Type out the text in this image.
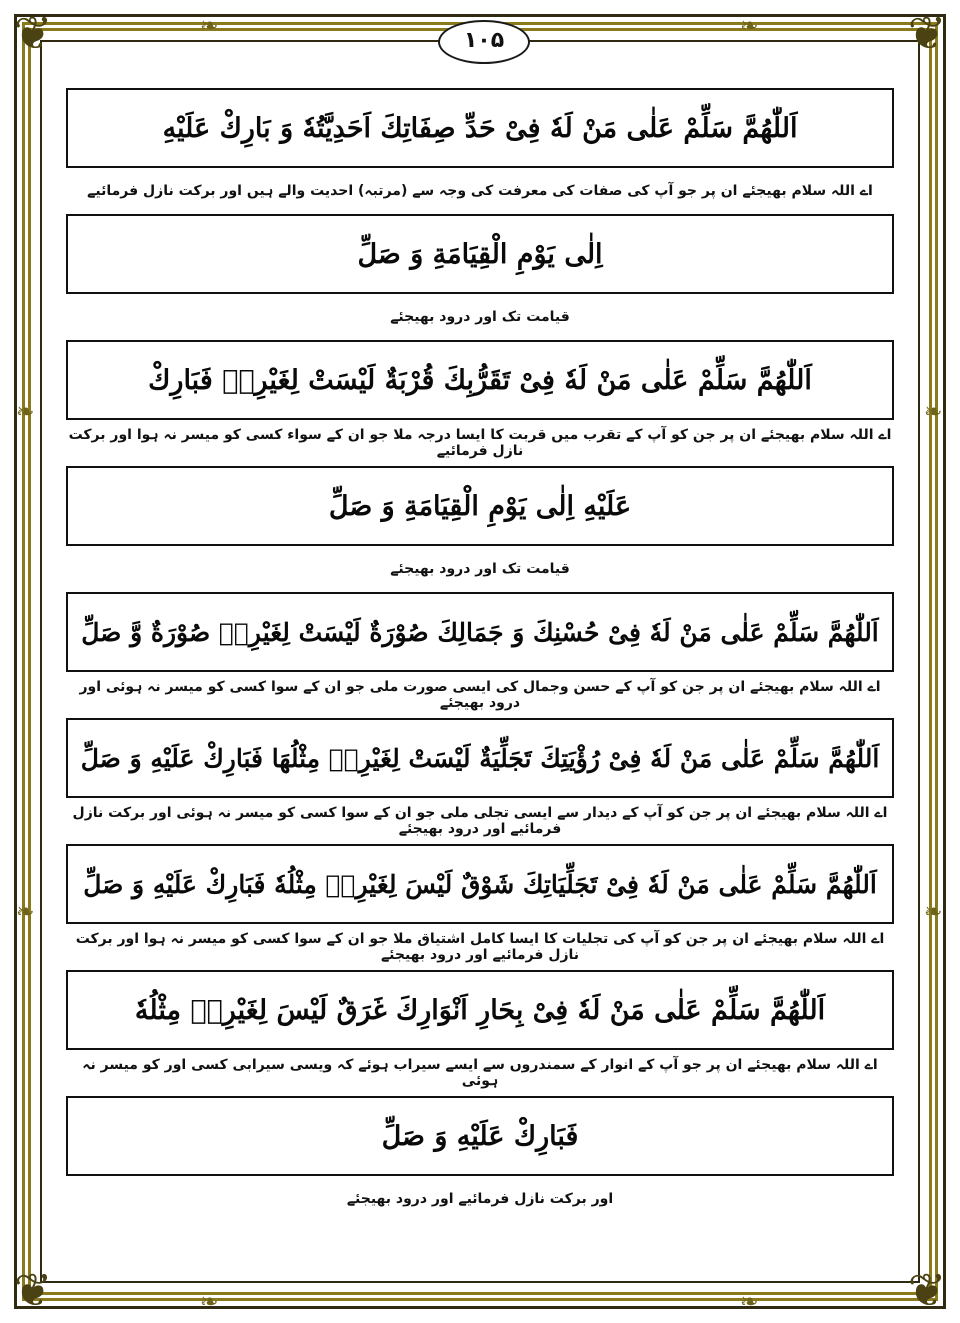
❦	❦
❦	❦
❧	❧
❧	❧
❧
❧
❧
❧
۱۰۵
اَللّٰهُمَّ سَلِّمْ عَلٰى مَنْ لَهٗ فِىْ حَدِّ صِفَاتِكَ اَحَدِيَّتُهٗ وَ بَارِكْ عَلَيْهِ
اے اللہ سلام بھیجئے ان پر جو آپ کی صفات کی معرفت کی وجہ سے (مرتبہ) احدیت والے ہیں اور برکت نازل فرمائیے
اِلٰى يَوْمِ الْقِيَامَةِ وَ صَلِّ
قیامت تک اور درود بھیجئے
اَللّٰهُمَّ سَلِّمْ عَلٰى مَنْ لَهٗ فِىْ تَقَرُّبِكَ قُرْبَةٌ لَيْسَتْ لِغَيْرِهٖ فَبَارِكْ
اے اللہ سلام بھیجئے ان پر جن کو آپ کے تقرب میں قربت کا ایسا درجہ ملا جو ان کے سواء کسی کو میسر نہ ہوا اور برکت نازل فرمائیے
عَلَيْهِ اِلٰى يَوْمِ الْقِيَامَةِ وَ صَلِّ
قیامت تک اور درود بھیجئے
اَللّٰهُمَّ سَلِّمْ عَلٰى مَنْ لَهٗ فِىْ حُسْنِكَ وَ جَمَالِكَ صُوْرَةٌ لَيْسَتْ لِغَيْرِهٖ صُوْرَةٌ وَّ صَلِّ
اے اللہ سلام بھیجئے ان پر جن کو آپ کے حسن وجمال کی ایسی صورت ملی جو ان کے سوا کسی کو میسر نہ ہوئی اور درود بھیجئے
اَللّٰهُمَّ سَلِّمْ عَلٰى مَنْ لَهٗ فِىْ رُؤْيَتِكَ تَجَلِّيَةٌ لَيْسَتْ لِغَيْرِهٖ مِثْلُهَا فَبَارِكْ عَلَيْهِ وَ صَلِّ
اے اللہ سلام بھیجئے ان پر جن کو آپ کے دیدار سے ایسی تجلی ملی جو ان کے سوا کسی کو میسر نہ ہوئی اور برکت نازل فرمائیے اور درود بھیجئے
اَللّٰهُمَّ سَلِّمْ عَلٰى مَنْ لَهٗ فِىْ تَجَلِّيَاتِكَ شَوْقٌ لَيْسَ لِغَيْرِهٖ مِثْلُهٗ فَبَارِكْ عَلَيْهِ وَ صَلِّ
اے اللہ سلام بھیجئے ان پر جن کو آپ کی تجلیات کا ایسا کامل اشتیاق ملا جو ان کے سوا کسی کو میسر نہ ہوا اور برکت نازل فرمائیے اور درود بھیجئے
اَللّٰهُمَّ سَلِّمْ عَلٰى مَنْ لَهٗ فِىْ بِحَارِ اَنْوَارِكَ غَرَقٌ لَيْسَ لِغَيْرِهٖ مِثْلُهٗ
اے اللہ سلام بھیجئے ان پر جو آپ کے انوار کے سمندروں سے ایسے سیراب ہوئے کہ ویسی سیرابی کسی اور کو میسر نہ ہوئی
فَبَارِكْ عَلَيْهِ وَ صَلِّ
اور برکت نازل فرمائیے اور درود بھیجئے
